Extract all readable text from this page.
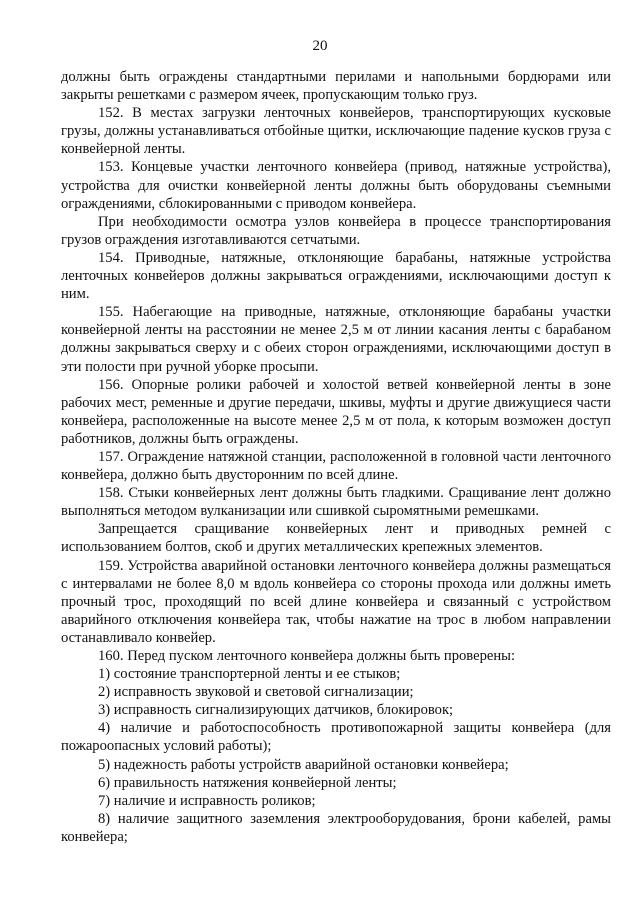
20

должны быть ограждены стандартными перилами и напольными бордюрами или закрыты решетками с размером ячеек, пропускающим только груз.

152. В местах загрузки ленточных конвейеров, транспортирующих кусковые грузы, должны устанавливаться отбойные щитки, исключающие падение кусков груза с конвейерной ленты.

153. Концевые участки ленточного конвейера (привод, натяжные устройства), устройства для очистки конвейерной ленты должны быть оборудованы съемными ограждениями, сблокированными с приводом конвейера.

При необходимости осмотра узлов конвейера в процессе транспортирования грузов ограждения изготавливаются сетчатыми.

154. Приводные, натяжные, отклоняющие барабаны, натяжные устройства ленточных конвейеров должны закрываться ограждениями, исключающими доступ к ним.

155. Набегающие на приводные, натяжные, отклоняющие барабаны участки конвейерной ленты на расстоянии не менее 2,5 м от линии касания ленты с барабаном должны закрываться сверху и с обеих сторон ограждениями, исключающими доступ в эти полости при ручной уборке просыпи.

156. Опорные ролики рабочей и холостой ветвей конвейерной ленты в зоне рабочих мест, ременные и другие передачи, шкивы, муфты и другие движущиеся части конвейера, расположенные на высоте менее 2,5 м от пола, к которым возможен доступ работников, должны быть ограждены.

157. Ограждение натяжной станции, расположенной в головной части ленточного конвейера, должно быть двусторонним по всей длине.

158. Стыки конвейерных лент должны быть гладкими. Сращивание лент должно выполняться методом вулканизации или сшивкой сыромятными ремешками.

Запрещается сращивание конвейерных лент и приводных ремней с использованием болтов, скоб и других металлических крепежных элементов.

159. Устройства аварийной остановки ленточного конвейера должны размещаться с интервалами не более 8,0 м вдоль конвейера со стороны прохода или должны иметь прочный трос, проходящий по всей длине конвейера и связанный с устройством аварийного отключения конвейера так, чтобы нажатие на трос в любом направлении останавливало конвейер.

160. Перед пуском ленточного конвейера должны быть проверены:

1) состояние транспортерной ленты и ее стыков;

2) исправность звуковой и световой сигнализации;

3) исправность сигнализирующих датчиков, блокировок;

4) наличие и работоспособность противопожарной защиты конвейера (для пожароопасных условий работы);

5) надежность работы устройств аварийной остановки конвейера;

6) правильность натяжения конвейерной ленты;

7) наличие и исправность роликов;

8) наличие защитного заземления электрооборудования, брони кабелей, рамы конвейера;
